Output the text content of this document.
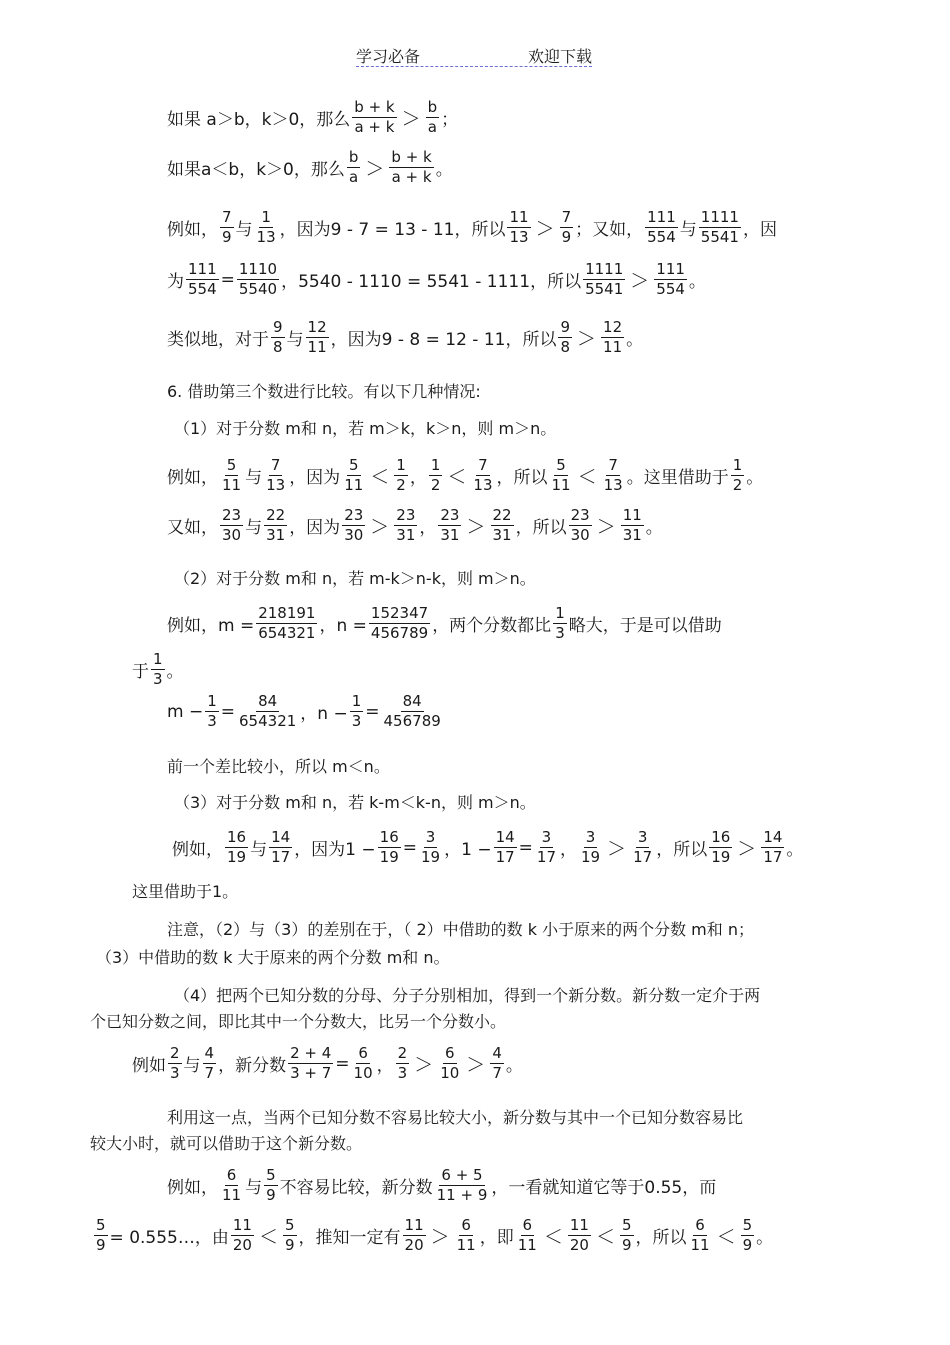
学习必备	欢迎下载
如果 a＞b，k＞0，那么 $\frac{b + k}{a + k} > \frac{b}{a}$ ；
如果a＜b，k＞0，那么 $\frac{b}{a} > \frac{b + k}{a + k}$ 。
例如， $\frac{7}{9}$ 与 $\frac{1}{13}$ ，因为9 - 7 = 13 - 11，所以 $\frac{11}{13} > \frac{7}{9}$ ；又如， $\frac{111}{554}$ 与 $\frac{1111}{5541}$ ，因
为 $\frac{111}{554} = \frac{1110}{5540}$ ，5540 - 1110 = 5541 - 1111，所以 $\frac{1111}{5541} > \frac{111}{554}$ 。
类似地，对于 $\frac{9}{8}$ 与 $\frac{12}{11}$ ，因为9 - 8 = 12 - 11，所以 $\frac{9}{8} > \frac{12}{11}$ 。
例如， $\frac{5}{11}$ 与 $\frac{7}{13}$ ，因为 $\frac{5}{11} < \frac{1}{2}$ ， $\frac{1}{2} < \frac{7}{13}$ ，所以 $\frac{5}{11} < \frac{7}{13}$ 。这里借助于 $\frac{1}{2}$ 。
又如， $\frac{23}{30}$ 与 $\frac{22}{31}$ ，因为 $\frac{23}{30} > \frac{23}{31}$ ， $\frac{23}{31} > \frac{22}{31}$ ，所以 $\frac{23}{30} > \frac{11}{31}$ 。
例如，$m = \frac{218191}{654321}$ ，$n = \frac{152347}{456789}$ ，两个分数都比 $\frac{1}{3}$ 略大，于是可以借助
于 $\frac{1}{3}$ 。
$m - \frac{1}{3} = \frac{84}{654321}$ ，$n - \frac{1}{3} = \frac{84}{456789}$
例如， $\frac{16}{19}$ 与 $\frac{14}{17}$ ，因为$1 - \frac{16}{19} = \frac{3}{19}$ ，$1 - \frac{14}{17} = \frac{3}{17}$ ， $\frac{3}{19} > \frac{3}{17}$ ，所以 $\frac{16}{19} > \frac{14}{17}$ 。
例如 $\frac{2}{3}$ 与 $\frac{4}{7}$ ，新分数 $\frac{2 + 4}{3 + 7} = \frac{6}{10}$ ， $\frac{2}{3} > \frac{6}{10} > \frac{4}{7}$ 。
例如， $\frac{6}{11}$ 与 $\frac{5}{9}$ 不容易比较，新分数 $\frac{6 + 5}{11 + 9}$ ，一看就知道它等于0.55，而
$\frac{5}{9}$ = 0.555…，由 $\frac{11}{20} < \frac{5}{9}$ ，推知一定有 $\frac{11}{20} > \frac{6}{11}$ ，即 $\frac{6}{11} < \frac{11}{20} < \frac{5}{9}$ ，所以 $\frac{6}{11} < \frac{5}{9}$ 。
6. 借助第三个数进行比较。有以下几种情况:
（1）对于分数 m和 n，若 m＞k，k＞n，则 m＞n。
（2）对于分数 m和 n，若 m-k＞n-k，则 m＞n。
前一个差比较小，所以 m＜n。
（3）对于分数 m和 n，若 k-m＜k-n，则 m＞n。
这里借助于1。
注意，（2）与（3）的差别在于，（ 2）中借助的数 k 小于原来的两个分数 m和 n；
（3）中借助的数 k 大于原来的两个分数 m和 n。
（4）把两个已知分数的分母、分子分别相加，得到一个新分数。新分数一定介于两
个已知分数之间，即比其中一个分数大，比另一个分数小。
利用这一点，当两个已知分数不容易比较大小，新分数与其中一个已知分数容易比
较大小时，就可以借助于这个新分数。
